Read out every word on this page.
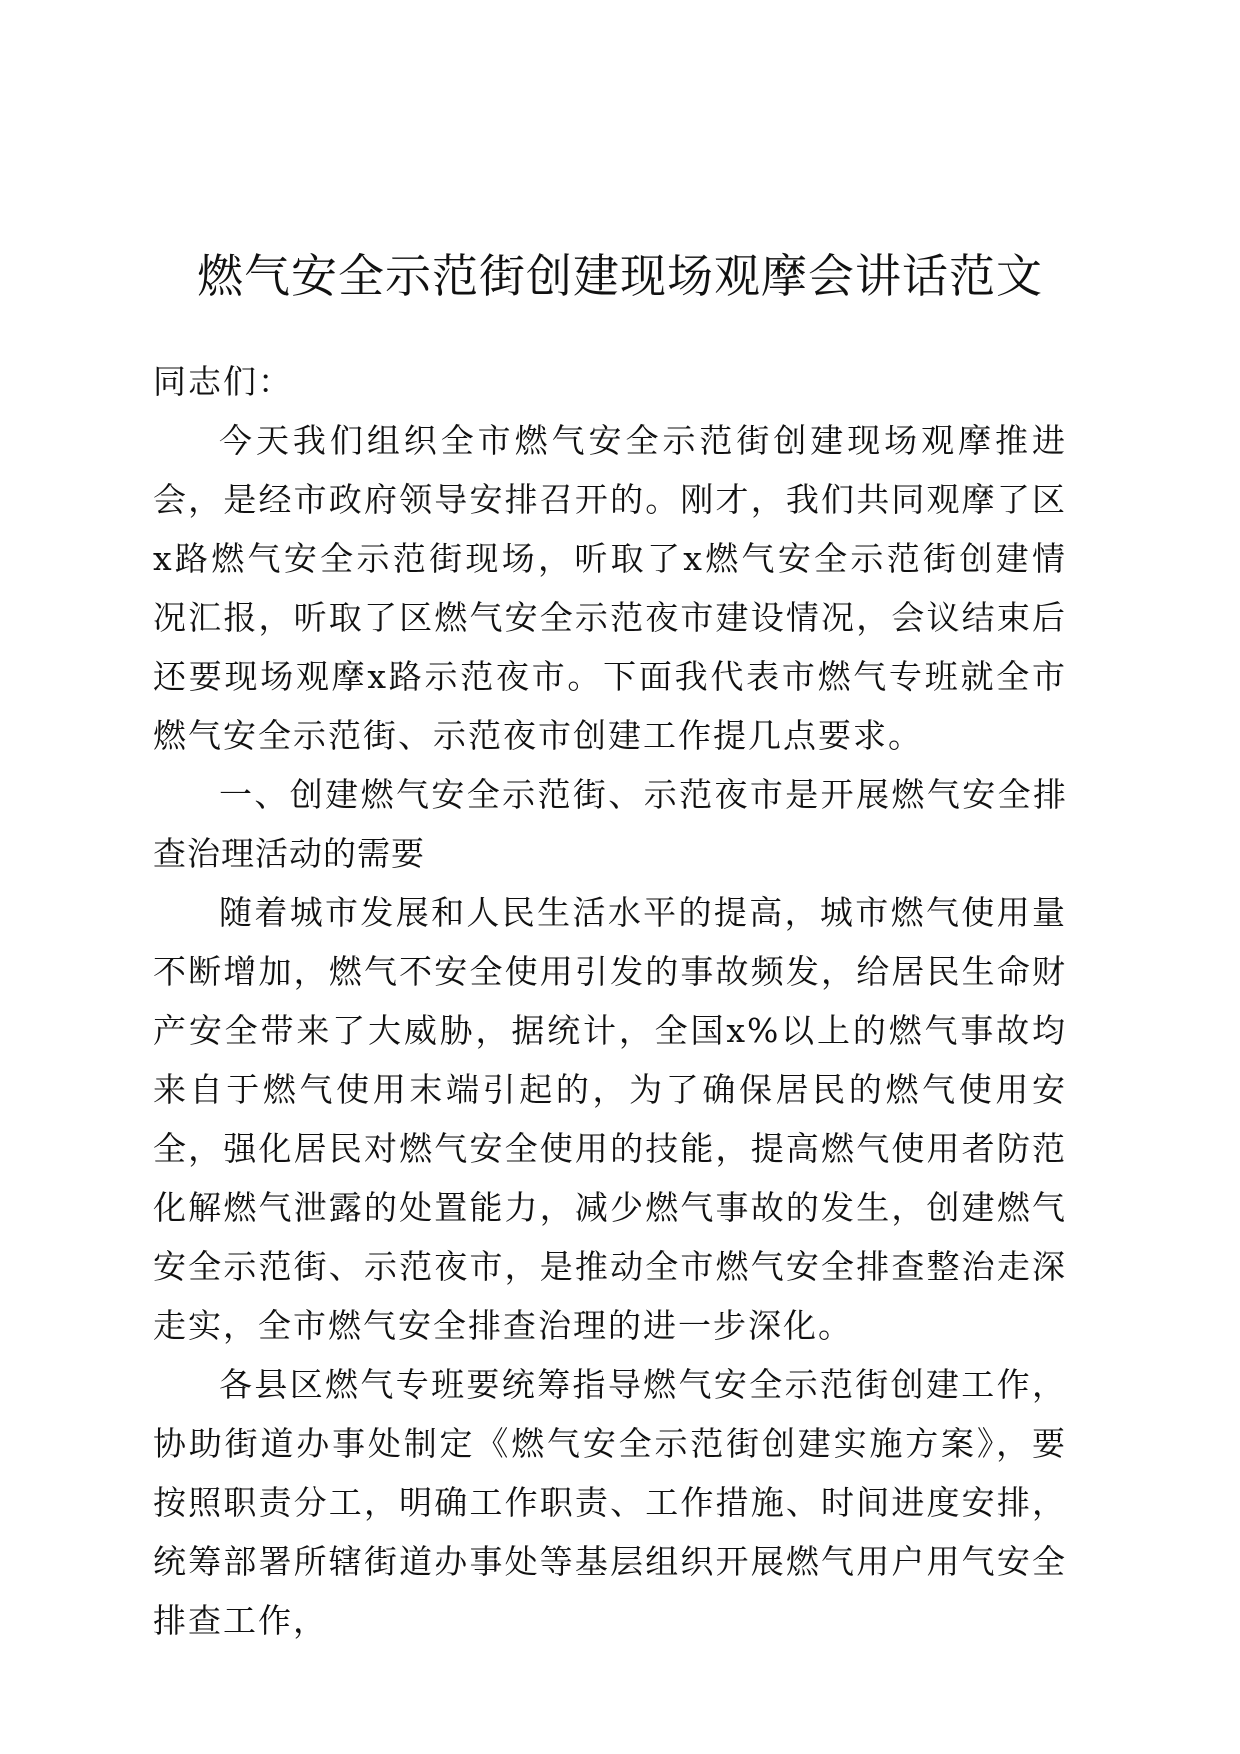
燃气安全示范街创建现场观摩会讲话范文

同志们：

今天我们组织全市燃气安全示范街创建现场观摩推进会，是经市政府领导安排召开的。刚才，我们共同观摩了区x路燃气安全示范街现场，听取了x燃气安全示范街创建情况汇报，听取了区燃气安全示范夜市建设情况，会议结束后还要现场观摩x路示范夜市。下面我代表市燃气专班就全市燃气安全示范街、示范夜市创建工作提几点要求。

一、创建燃气安全示范街、示范夜市是开展燃气安全排查治理活动的需要

随着城市发展和人民生活水平的提高，城市燃气使用量不断增加，燃气不安全使用引发的事故频发，给居民生命财产安全带来了大威胁，据统计，全国x%以上的燃气事故均来自于燃气使用末端引起的，为了确保居民的燃气使用安全，强化居民对燃气安全使用的技能，提高燃气使用者防范化解燃气泄露的处置能力，减少燃气事故的发生，创建燃气安全示范街、示范夜市，是推动全市燃气安全排查整治走深走实，全市燃气安全排查治理的进一步深化。

各县区燃气专班要统筹指导燃气安全示范街创建工作，协助街道办事处制定《燃气安全示范街创建实施方案》，要按照职责分工，明确工作职责、工作措施、时间进度安排，统筹部署所辖街道办事处等基层组织开展燃气用户用气安全排查工作，
